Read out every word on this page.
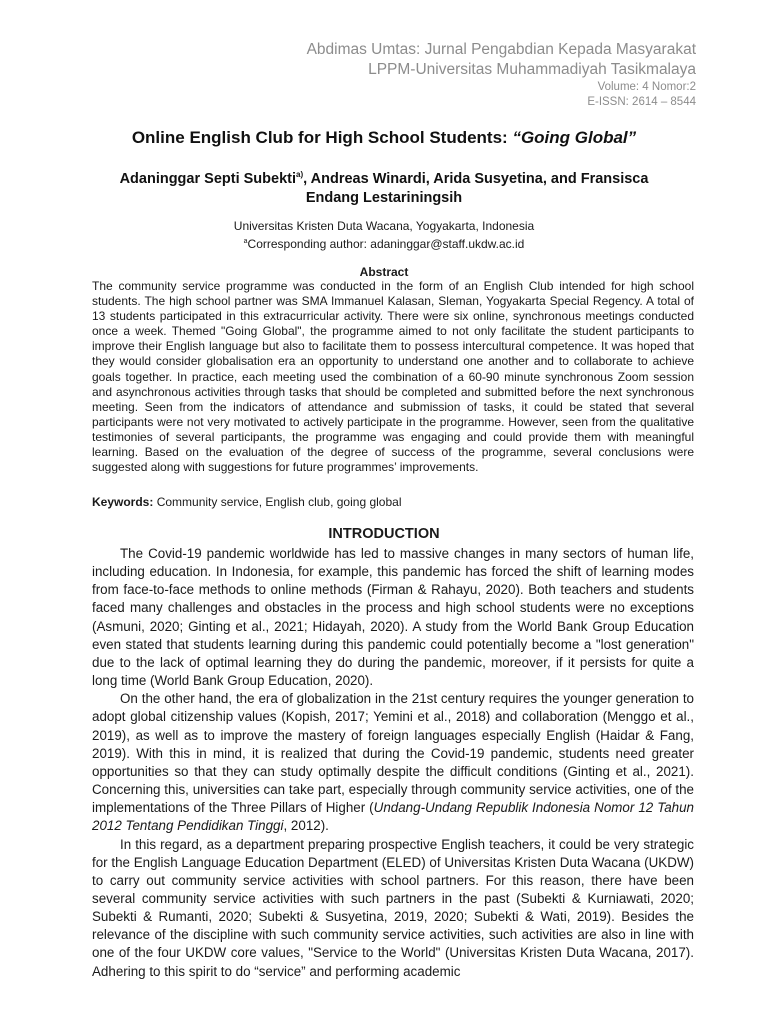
Abdimas Umtas: Jurnal Pengabdian Kepada Masyarakat
LPPM-Universitas Muhammadiyah Tasikmalaya
Volume: 4 Nomor:2
E-ISSN: 2614 – 8544
Online English Club for High School Students: “Going Global”
Adaninggar Septi Subekti$^{a)}$, Andreas Winardi, Arida Susyetina, and Fransisca Endang Lestariningsih
Universitas Kristen Duta Wacana, Yogyakarta, Indonesia
$^a$Corresponding author: adaninggar@staff.ukdw.ac.id
Abstract

The community service programme was conducted in the form of an English Club intended for high school students. The high school partner was SMA Immanuel Kalasan, Sleman, Yogyakarta Special Regency. A total of 13 students participated in this extracurricular activity. There were six online, synchronous meetings conducted once a week. Themed "Going Global", the programme aimed to not only facilitate the student participants to improve their English language but also to facilitate them to possess intercultural competence. It was hoped that they would consider globalisation era an opportunity to understand one another and to collaborate to achieve goals together. In practice, each meeting used the combination of a 60-90 minute synchronous Zoom session and asynchronous activities through tasks that should be completed and submitted before the next synchronous meeting. Seen from the indicators of attendance and submission of tasks, it could be stated that several participants were not very motivated to actively participate in the programme. However, seen from the qualitative testimonies of several participants, the programme was engaging and could provide them with meaningful learning. Based on the evaluation of the degree of success of the programme, several conclusions were suggested along with suggestions for future programmes’ improvements.

Keywords: Community service, English club, going global
INTRODUCTION

The Covid-19 pandemic worldwide has led to massive changes in many sectors of human life, including education. In Indonesia, for example, this pandemic has forced the shift of learning modes from face-to-face methods to online methods (Firman & Rahayu, 2020). Both teachers and students faced many challenges and obstacles in the process and high school students were no exceptions (Asmuni, 2020; Ginting et al., 2021; Hidayah, 2020). A study from the World Bank Group Education even stated that students learning during this pandemic could potentially become a "lost generation" due to the lack of optimal learning they do during the pandemic, moreover, if it persists for quite a long time (World Bank Group Education, 2020).

On the other hand, the era of globalization in the 21st century requires the younger generation to adopt global citizenship values (Kopish, 2017; Yemini et al., 2018) and collaboration (Menggo et al., 2019), as well as to improve the mastery of foreign languages especially English (Haidar & Fang, 2019). With this in mind, it is realized that during the Covid-19 pandemic, students need greater opportunities so that they can study optimally despite the difficult conditions (Ginting et al., 2021). Concerning this, universities can take part, especially through community service activities, one of the implementations of the Three Pillars of Higher (Undang-Undang Republik Indonesia Nomor 12 Tahun 2012 Tentang Pendidikan Tinggi, 2012).

In this regard, as a department preparing prospective English teachers, it could be very strategic for the English Language Education Department (ELED) of Universitas Kristen Duta Wacana (UKDW) to carry out community service activities with school partners. For this reason, there have been several community service activities with such partners in the past (Subekti & Kurniawati, 2020; Subekti & Rumanti, 2020; Subekti & Susyetina, 2019, 2020; Subekti & Wati, 2019). Besides the relevance of the discipline with such community service activities, such activities are also in line with one of the four UKDW core values, "Service to the World" (Universitas Kristen Duta Wacana, 2017). Adhering to this spirit to do “service” and performing academic
